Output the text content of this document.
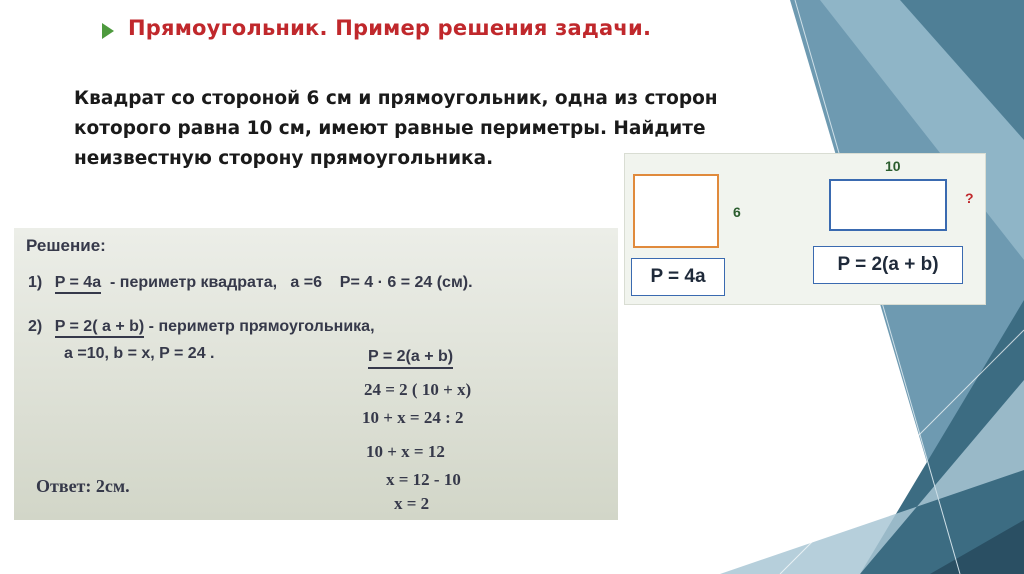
Прямоугольник. Пример решения задачи.
Квадрат со стороной 6 см и прямоугольник, одна из сторон
которого равна 10 см, имеют равные периметры. Найдите
неизвестную сторону прямоугольника.
Решение:
1) P = 4a  - периметр квадрата,   a =6    P= 4 · 6 = 24 (см).
2) P = 2( a + b) - периметр прямоугольника,
a =10, b = x, P = 24 .	P = 2(a + b)
24 = 2 ( 10 + x)
10 + x = 24 : 2
10 + x = 12
x = 12 - 10
x = 2
Ответ: 2см.
6
10
?
P = 4a
P = 2(a + b)
